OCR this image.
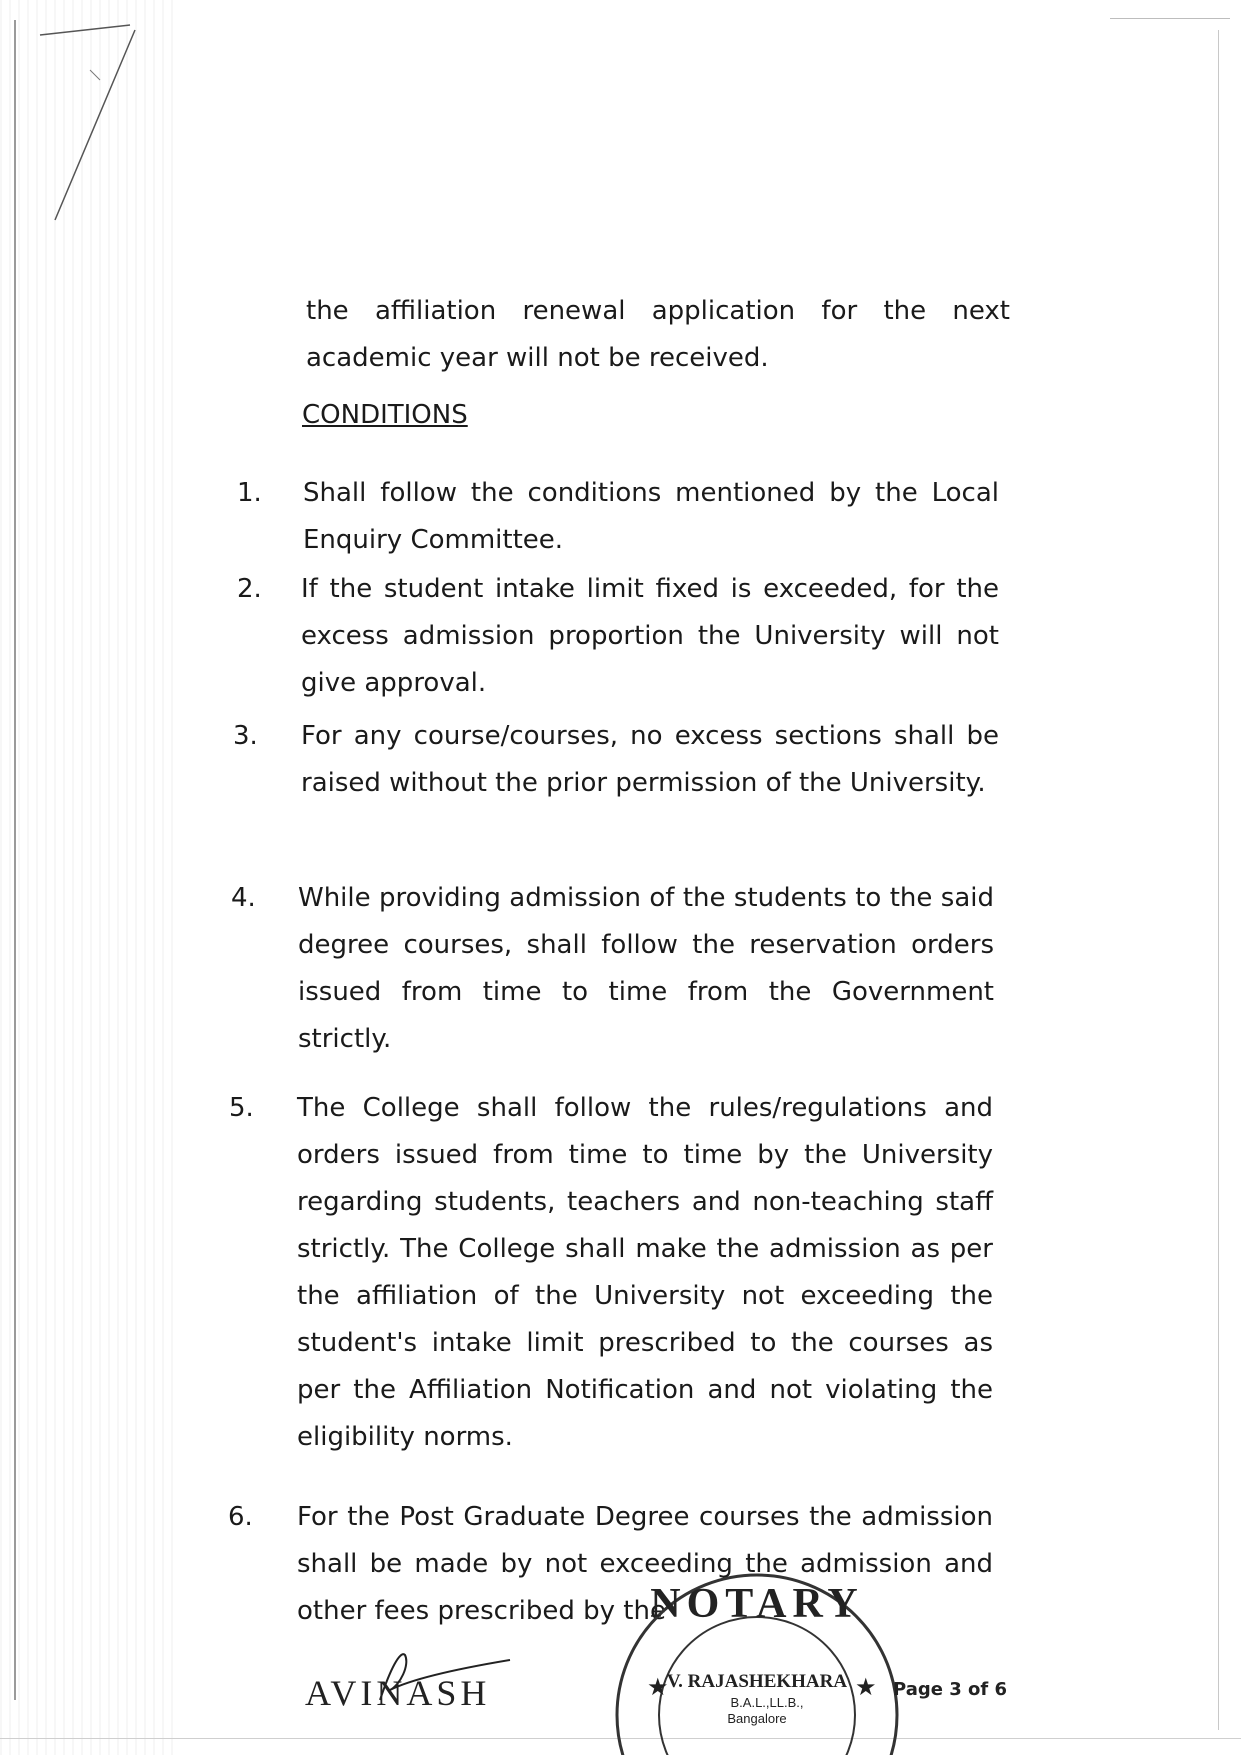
the affiliation renewal application for the next academic year will not be received.
CONDITIONS
1.	Shall follow the conditions mentioned by the Local Enquiry Committee.
2.	If the student intake limit fixed is exceeded, for the excess admission proportion the University will not give approval.
3.	For any course/courses, no excess sections shall be raised without the prior permission of the University.
4.	While providing admission of the students to the said degree courses, shall follow the reservation orders issued from time to time from the Government strictly.
5.	The College shall follow the rules/regulations and orders issued from time to time by the University regarding students, teachers and non-teaching staff strictly. The College shall make the admission as per the affiliation of the University not exceeding the student's intake limit prescribed to the courses as per the Affiliation Notification and not violating the eligibility norms.
6.	For the Post Graduate Degree courses the admission shall be made by not exceeding the admission and other fees prescribed by the
AVINASH
NOTARY
V. RAJASHEKHARA
B.A.L.,LL.B.,
Bangalore
★	★ Page 3 of 6
